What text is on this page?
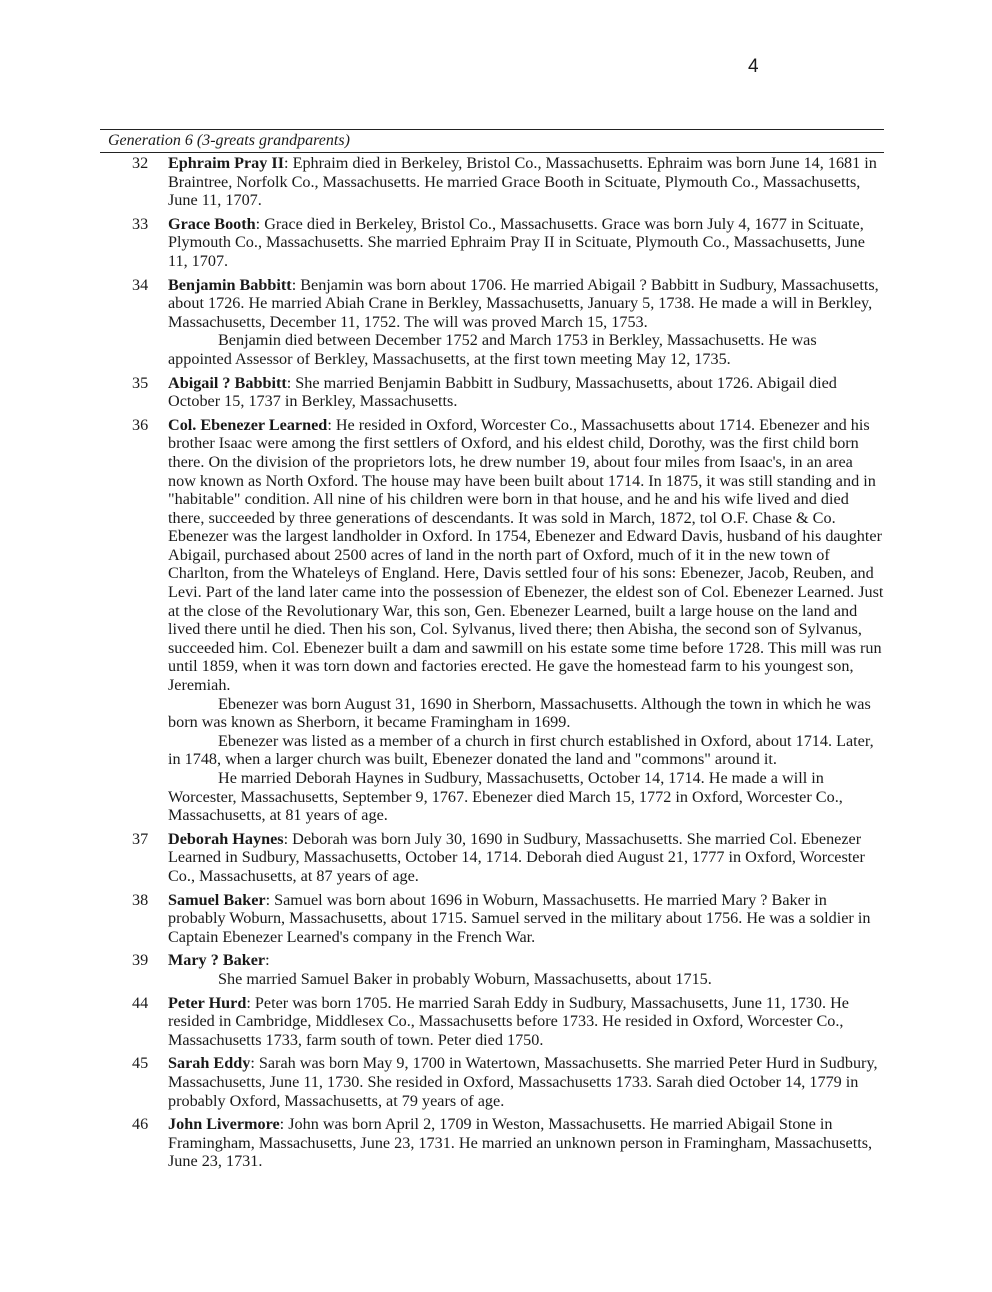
4
Generation 6 (3-greats grandparents)
32 Ephraim Pray II: Ephraim died in Berkeley, Bristol Co., Massachusetts. Ephraim was born June 14, 1681 in Braintree, Norfolk Co., Massachusetts. He married Grace Booth in Scituate, Plymouth Co., Massachusetts, June 11, 1707.

33 Grace Booth: Grace died in Berkeley, Bristol Co., Massachusetts. Grace was born July 4, 1677 in Scituate, Plymouth Co., Massachusetts. She married Ephraim Pray II in Scituate, Plymouth Co., Massachusetts, June 11, 1707.

34 Benjamin Babbitt: Benjamin was born about 1706. He married Abigail ? Babbitt in Sudbury, Massachusetts, about 1726. He married Abiah Crane in Berkley, Massachusetts, January 5, 1738. He made a will in Berkley, Massachusetts, December 11, 1752. The will was proved March 15, 1753.

Benjamin died between December 1752 and March 1753 in Berkley, Massachusetts. He was appointed Assessor of Berkley, Massachusetts, at the first town meeting May 12, 1735.

35 Abigail ? Babbitt: She married Benjamin Babbitt in Sudbury, Massachusetts, about 1726. Abigail died October 15, 1737 in Berkley, Massachusetts.

36 Col. Ebenezer Learned: He resided in Oxford, Worcester Co., Massachusetts about 1714. Ebenezer and his brother Isaac were among the first settlers of Oxford, and his eldest child, Dorothy, was the first child born there. On the division of the proprietors lots, he drew number 19, about four miles from Isaac's, in an area now known as North Oxford. The house may have been built about 1714. In 1875, it was still standing and in "habitable" condition. All nine of his children were born in that house, and he and his wife lived and died there, succeeded by three generations of descendants. It was sold in March, 1872, tol O.F. Chase & Co. Ebenezer was the largest landholder in Oxford. In 1754, Ebenezer and Edward Davis, husband of his daughter Abigail, purchased about 2500 acres of land in the north part of Oxford, much of it in the new town of Charlton, from the Whateleys of England. Here, Davis settled four of his sons: Ebenezer, Jacob, Reuben, and Levi. Part of the land later came into the possession of Ebenezer, the eldest son of Col. Ebenezer Learned. Just at the close of the Revolutionary War, this son, Gen. Ebenezer Learned, built a large house on the land and lived there until he died. Then his son, Col. Sylvanus, lived there; then Abisha, the second son of Sylvanus, succeeded him. Col. Ebenezer built a dam and sawmill on his estate some time before 1728. This mill was run until 1859, when it was torn down and factories erected. He gave the homestead farm to his youngest son, Jeremiah.

Ebenezer was born August 31, 1690 in Sherborn, Massachusetts. Although the town in which he was born was known as Sherborn, it became Framingham in 1699.

Ebenezer was listed as a member of a church in first church established in Oxford, about 1714. Later, in 1748, when a larger church was built, Ebenezer donated the land and "commons" around it.

He married Deborah Haynes in Sudbury, Massachusetts, October 14, 1714. He made a will in Worcester, Massachusetts, September 9, 1767. Ebenezer died March 15, 1772 in Oxford, Worcester Co., Massachusetts, at 81 years of age.

37 Deborah Haynes: Deborah was born July 30, 1690 in Sudbury, Massachusetts. She married Col. Ebenezer Learned in Sudbury, Massachusetts, October 14, 1714. Deborah died August 21, 1777 in Oxford, Worcester Co., Massachusetts, at 87 years of age.

38 Samuel Baker: Samuel was born about 1696 in Woburn, Massachusetts. He married Mary ? Baker in probably Woburn, Massachusetts, about 1715. Samuel served in the military about 1756. He was a soldier in Captain Ebenezer Learned's company in the French War.

39 Mary ? Baker:

She married Samuel Baker in probably Woburn, Massachusetts, about 1715.

44 Peter Hurd: Peter was born 1705. He married Sarah Eddy in Sudbury, Massachusetts, June 11, 1730. He resided in Cambridge, Middlesex Co., Massachusetts before 1733. He resided in Oxford, Worcester Co., Massachusetts 1733, farm south of town. Peter died 1750.

45 Sarah Eddy: Sarah was born May 9, 1700 in Watertown, Massachusetts. She married Peter Hurd in Sudbury, Massachusetts, June 11, 1730. She resided in Oxford, Massachusetts 1733. Sarah died October 14, 1779 in probably Oxford, Massachusetts, at 79 years of age.

46 John Livermore: John was born April 2, 1709 in Weston, Massachusetts. He married Abigail Stone in Framingham, Massachusetts, June 23, 1731. He married an unknown person in Framingham, Massachusetts, June 23, 1731.
